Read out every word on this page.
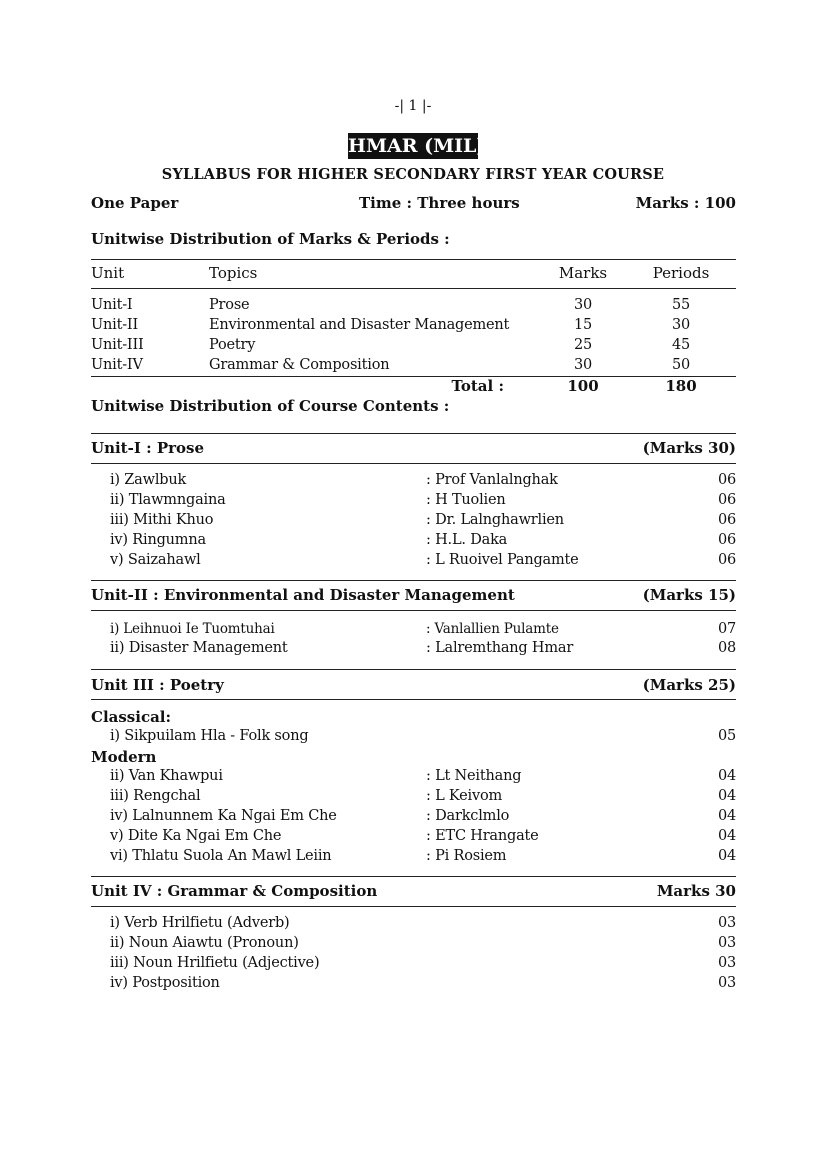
-| 1 |-
HMAR (MIL)
SYLLABUS FOR HIGHER SECONDARY FIRST YEAR COURSE
One Paper	Time : Three hours	Marks : 100
Unitwise Distribution of Marks & Periods :
Unit	Topics	Marks	Periods
Unit-I	Prose	30	55
Unit-II	Environmental and Disaster Management	15	30
Unit-III	Poetry	25	45
Unit-IV	Grammar & Composition	30	50
Total :	100	180
Unitwise Distribution of Course Contents :
Unit-I : Prose	(Marks 30)
i) Zawlbuk	: Prof Vanlalnghak	06
ii) Tlawmngaina	: H Tuolien	06
iii) Mithi Khuo	: Dr. Lalnghawrlien	06
iv) Ringumna	: H.L. Daka	06
v) Saizahawl	: L Ruoivel Pangamte	06
Unit-II : Environmental and Disaster Management	(Marks 15)
i) Leihnuoi Ie Tuomtuhai	: Vanlallien Pulamte	07
ii) Disaster Management	: Lalremthang Hmar	08
Unit III : Poetry	(Marks 25)
Classical:
i) Sikpuilam Hla - Folk song	05
Modern
ii) Van Khawpui	: Lt Neithang	04
iii) Rengchal	: L Keivom	04
iv) Lalnunnem Ka Ngai Em Che	: Darkclmlo	04
v) Dite Ka Ngai Em Che	: ETC Hrangate	04
vi) Thlatu Suola An Mawl Leiin	: Pi Rosiem	04
Unit IV : Grammar & Composition	Marks 30
i) Verb Hrilfietu (Adverb)	03
ii) Noun Aiawtu (Pronoun)	03
iii) Noun Hrilfietu (Adjective)	03
iv) Postposition	03
